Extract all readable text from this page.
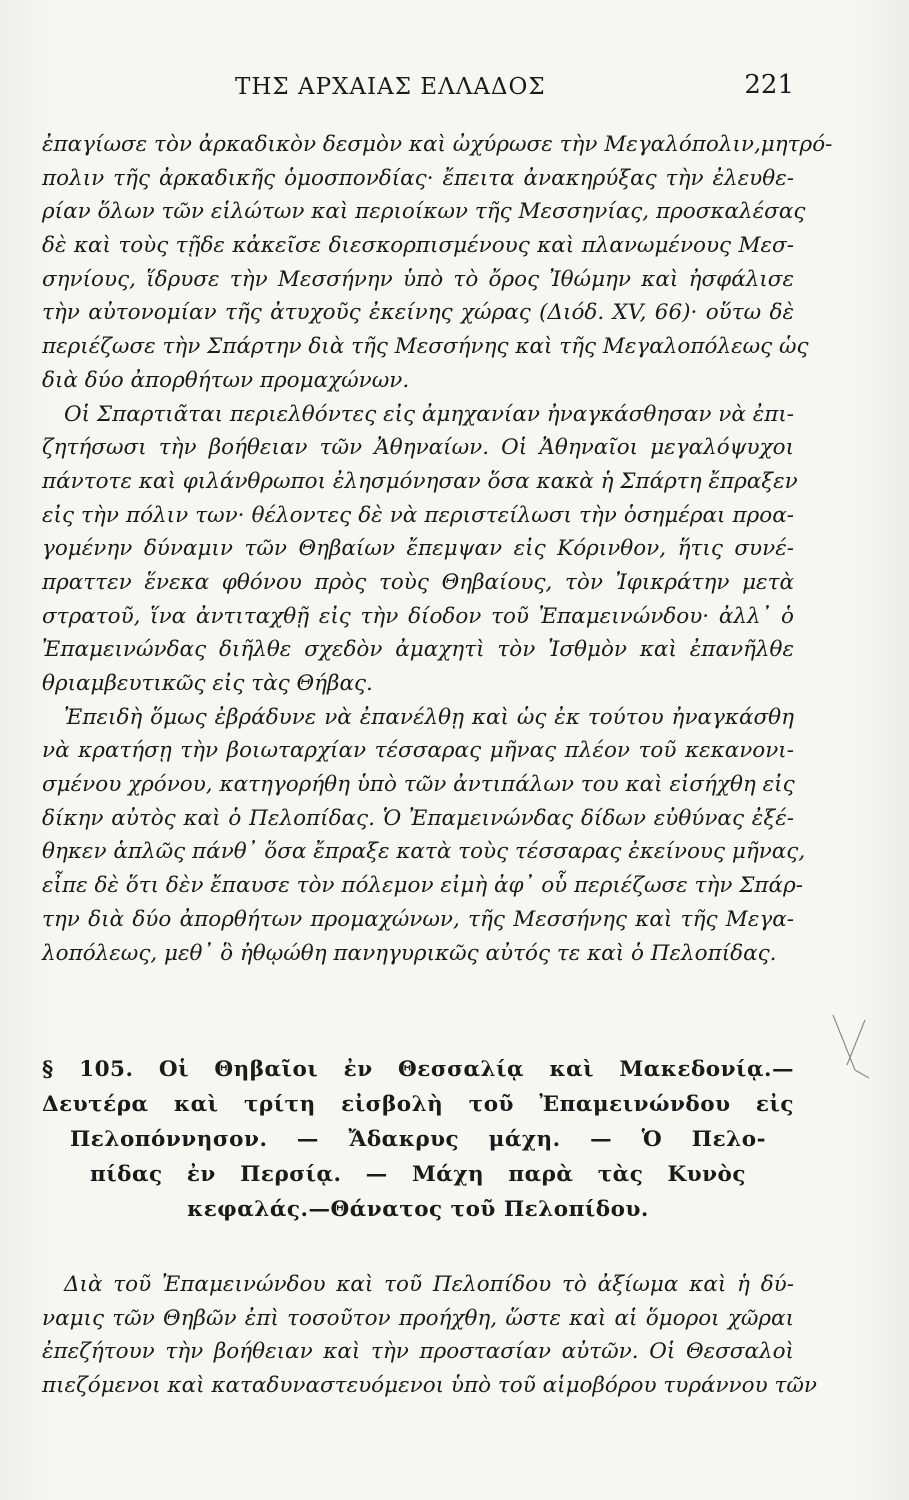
ΤΗΣ ΑΡΧΑΙΑΣ ΕΛΛΑΔΟΣ	221
ἐπαγίωσε τὸν ἀρκαδικὸν δεσμὸν καὶ ὠχύρωσε τὴν Μεγαλόπολιν,μητρό-
πολιν τῆς ἀρκαδικῆς ὁμοσπονδίας· ἔπειτα ἀνακηρύξας τὴν ἐλευθε-
ρίαν ὅλων τῶν εἱλώτων καὶ περιοίκων τῆς Μεσσηνίας, προσκαλέσας
δὲ καὶ τοὺς τῇδε κἀκεῖσε διεσκορπισμένους καὶ πλανωμένους Μεσ-
σηνίους, ἵδρυσε τὴν Μεσσήνην ὑπὸ τὸ ὄρος Ἰθώμην καὶ ἠσφάλισε
τὴν αὐτονομίαν τῆς ἀτυχοῦς ἐκείνης χώρας (Διόδ. XV, 66)· οὕτω δὲ
περιέζωσε τὴν Σπάρτην διὰ τῆς Μεσσήνης καὶ τῆς Μεγαλοπόλεως ὡς
διὰ δύο ἀπορθήτων προμαχώνων.
Οἱ Σπαρτιᾶται περιελθόντες εἰς ἀμηχανίαν ἠναγκάσθησαν νὰ ἐπι-
ζητήσωσι τὴν βοήθειαν τῶν Ἀθηναίων. Οἱ Ἀθηναῖοι μεγαλόψυχοι
πάντοτε καὶ φιλάνθρωποι ἐλησμόνησαν ὅσα κακὰ ἡ Σπάρτη ἔπραξεν
εἰς τὴν πόλιν των· θέλοντες δὲ νὰ περιστείλωσι τὴν ὁσημέραι προα-
γομένην δύναμιν τῶν Θηβαίων ἔπεμψαν εἰς Κόρινθον, ἥτις συνέ-
πραττεν ἕνεκα φθόνου πρὸς τοὺς Θηβαίους, τὸν Ἰφικράτην μετὰ
στρατοῦ, ἵνα ἀντιταχθῇ εἰς τὴν δίοδον τοῦ Ἐπαμεινώνδου· ἀλλ᾽ ὁ
Ἐπαμεινώνδας διῆλθε σχεδὸν ἀμαχητὶ τὸν Ἰσθμὸν καὶ ἐπανῆλθε
θριαμβευτικῶς εἰς τὰς Θήβας.
Ἐπειδὴ ὅμως ἐβράδυνε νὰ ἐπανέλθῃ καὶ ὡς ἐκ τούτου ἠναγκάσθη
νὰ κρατήσῃ τὴν βοιωταρχίαν τέσσαρας μῆνας πλέον τοῦ κεκανονι-
σμένου χρόνου, κατηγορήθη ὑπὸ τῶν ἀντιπάλων του καὶ εἰσήχθη εἰς
δίκην αὐτὸς καὶ ὁ Πελοπίδας. Ὁ Ἐπαμεινώνδας δίδων εὐθύνας ἐξέ-
θηκεν ἁπλῶς πάνθ᾽ ὅσα ἔπραξε κατὰ τοὺς τέσσαρας ἐκείνους μῆνας,
εἶπε δὲ ὅτι δὲν ἔπαυσε τὸν πόλεμον εἰμὴ ἀφ᾽ οὗ περιέζωσε τὴν Σπάρ-
την διὰ δύο ἀπορθήτων προμαχώνων, τῆς Μεσσήνης καὶ τῆς Μεγα-
λοπόλεως, μεθ᾽ ὃ ἠθῳώθη πανηγυρικῶς αὐτός τε καὶ ὁ Πελοπίδας.
§ 105. Οἱ Θηβαῖοι ἐν Θεσσαλίᾳ καὶ Μακεδονίᾳ.—
Δευτέρα καὶ τρίτη εἰσβολὴ τοῦ Ἐπαμεινώνδου εἰς
Πελοπόννησον. — Ἄδακρυς μάχη. — Ὁ Πελο-
πίδας ἐν Περσίᾳ. — Μάχη παρὰ τὰς Κυνὸς
κεφαλάς.—Θάνατος τοῦ Πελοπίδου.
Διὰ τοῦ Ἐπαμεινώνδου καὶ τοῦ Πελοπίδου τὸ ἀξίωμα καὶ ἡ δύ-
ναμις τῶν Θηβῶν ἐπὶ τοσοῦτον προήχθη, ὥστε καὶ αἱ ὅμοροι χῶραι
ἐπεζήτουν τὴν βοήθειαν καὶ τὴν προστασίαν αὐτῶν. Οἱ Θεσσαλοὶ
πιεζόμενοι καὶ καταδυναστευόμενοι ὑπὸ τοῦ αἱμοβόρου τυράννου τῶν
